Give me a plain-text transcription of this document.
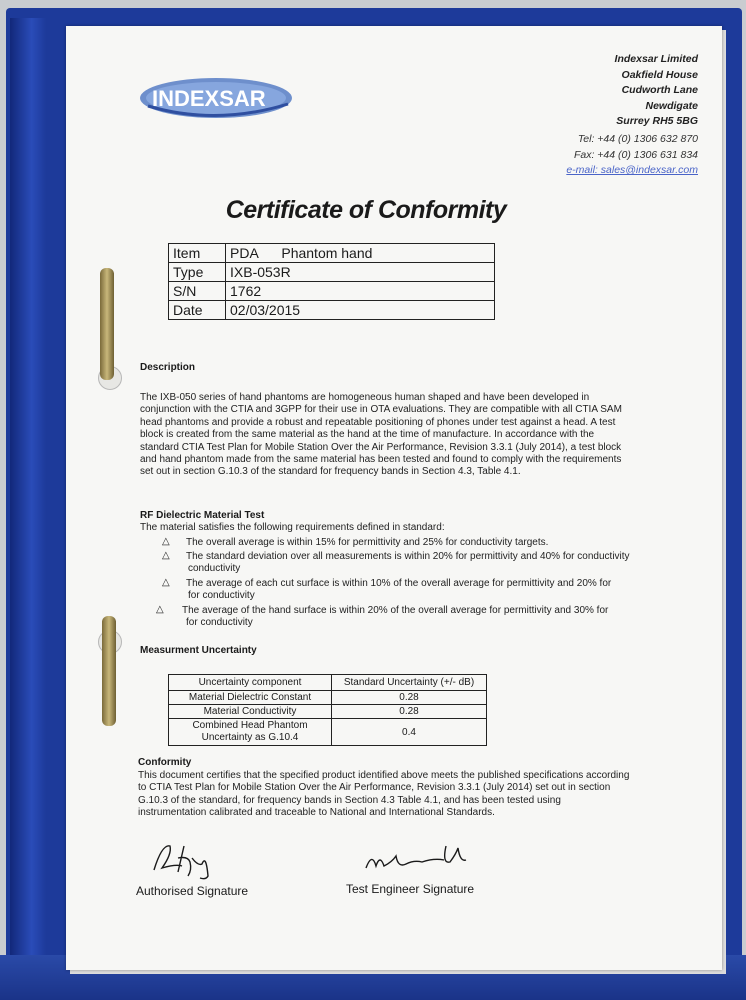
INDEXSAR
Indexsar Limited
Oakfield House
Cudworth Lane
Newdigate
Surrey RH5 5BG
Tel: +44 (0) 1306 632 870
Fax: +44 (0) 1306 631 834
e-mail: sales@indexsar.com
Certificate of Conformity
Item	PDA      Phantom hand
Type	IXB-053R
S/N	1762
Date	02/03/2015
Description
The IXB-050 series of hand phantoms are homogeneous human shaped and have been developed in
conjunction with the CTIA and 3GPP for their use in OTA evaluations. They are compatible with all CTIA SAM
head phantoms and provide a robust and repeatable positioning of phones under test against a head. A test
block is created from the same material as the hand at the time of manufacture. In accordance with the
standard CTIA Test Plan for Mobile Station Over the Air Performance, Revision 3.3.1 (July 2014), a test block
and hand phantom made from the same material has been tested and found to comply with the requirements
set out in section G.10.3 of the standard for frequency bands in Section 4.3, Table 4.1.
RF Dielectric Material Test
The material satisfies the following requirements defined in standard:
△ The overall average is within 15% for permittivity and 25% for conductivity targets.
△ The standard deviation over all measurements is within 20% for permittivity and 40% for conductivity
conductivity
△ The average of each cut surface is within 10% of the overall average for permittivity and 20% for
for conductivity
△ The average of the hand surface is within 20% of the overall average for permittivity and 30% for
for conductivity
Measurment Uncertainty
Uncertainty component	Standard Uncertainty (+/- dB)
Material Dielectric Constant	0.28
Material Conductivity	0.28

Combined Head Phantom
Uncertainty as G.10.4	0.4
Conformity
This document certifies that the specified product identified above meets the published specifications according
to CTIA Test Plan for Mobile Station Over the Air Performance, Revision 3.3.1 (July 2014) set out in section
G.10.3 of the standard, for frequency bands in Section 4.3 Table 4.1, and has been tested using
instrumentation calibrated and traceable to National and International Standards.
Authorised Signature	Test Engineer Signature
